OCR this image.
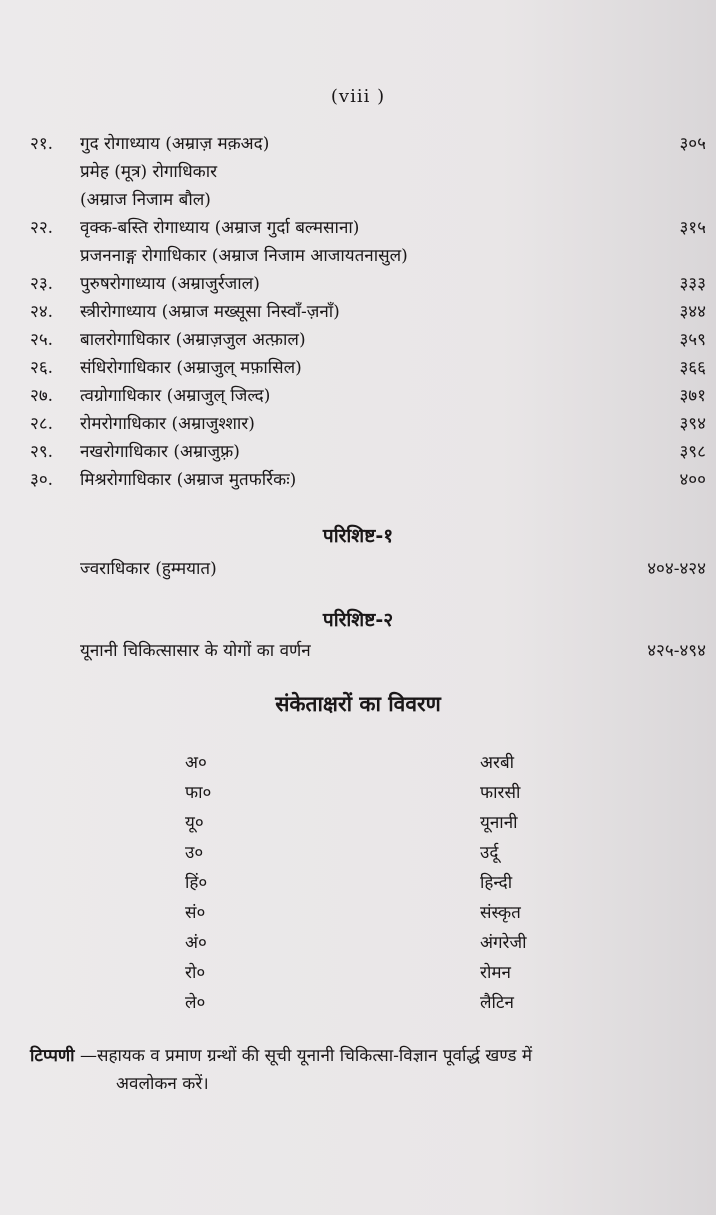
(viii )
२१.	गुद रोगाध्याय (अम्राज़ मक़अद)	३०५
प्रमेह (मूत्र) रोगाधिकार
(अम्राज निजाम बौल)
२२.	वृक्क-बस्ति रोगाध्याय (अम्राज गुर्दा बल्मसाना)	३१५
प्रजननाङ्ग रोगाधिकार (अम्राज निजाम आजायतनासुल)
२३.	पुरुषरोगाध्याय (अम्राजुर्रजाल)	३३३
२४.	स्त्रीरोगाध्याय (अम्राज मख्सूसा निस्वाँ-ज़नाँ)	३४४
२५.	बालरोगाधिकार (अम्राज़जुल अत्फ़ाल)	३५९
२६.	संधिरोगाधिकार (अम्राजुल् मफ़ासिल)	३६६
२७.	त्वग्रोगाधिकार (अम्राजुल् जिल्द)	३७१
२८.	रोमरोगाधिकार (अम्राजुश्शार)	३९४
२९.	नखरोगाधिकार (अम्राजुफ़्र)	३९८
३०.	मिश्ररोगाधिकार (अम्राज मुतफर्रिकः)	४००
परिशिष्ट-१
ज्वराधिकार (हुम्मयात)	४०४-४२४
परिशिष्ट-२
यूनानी चिकित्सासार के योगों का वर्णन	४२५-४९४
संकेताक्षरों का विवरण
अ०	अरबी
फा०	फारसी
यू०	यूनानी
उ०	उर्दू
हिं०	हिन्दी
सं०	संस्कृत
अं०	अंगरेजी
रो०	रोमन
ले०	लैटिन
टिप्पणी —सहायक व प्रमाण ग्रन्थों की सूची यूनानी चिकित्सा-विज्ञान पूर्वार्द्ध खण्ड में
अवलोकन करें।
